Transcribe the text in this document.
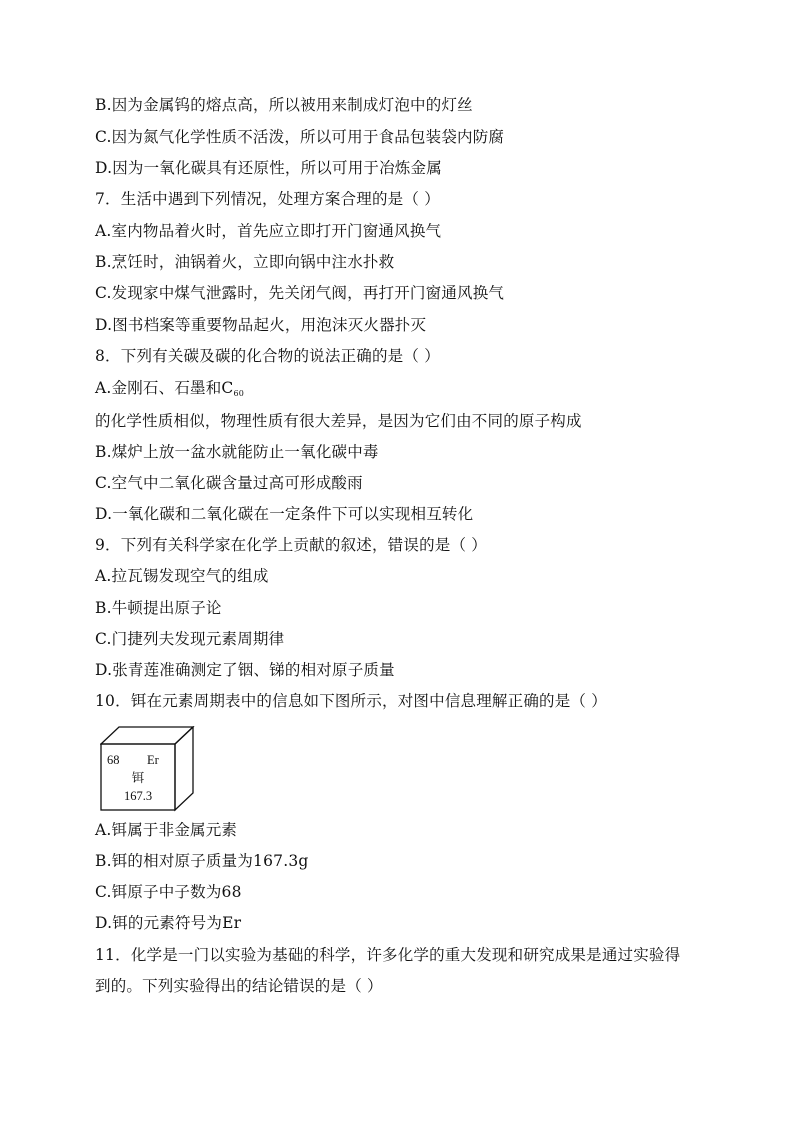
B.因为金属钨的熔点高，所以被用来制成灯泡中的灯丝
C.因为氮气化学性质不活泼，所以可用于食品包装袋内防腐
D.因为一氧化碳具有还原性，所以可用于冶炼金属
7．生活中遇到下列情况，处理方案合理的是（ ）
A.室内物品着火时，首先应立即打开门窗通风换气
B.烹饪时，油锅着火，立即向锅中注水扑救
C.发现家中煤气泄露时，先关闭气阀，再打开门窗通风换气
D.图书档案等重要物品起火，用泡沫灭火器扑灭
8．下列有关碳及碳的化合物的说法正确的是（ ）
A.金刚石、石墨和$C_{60}$
的化学性质相似，物理性质有很大差异，是因为它们由不同的原子构成
B.煤炉上放一盆水就能防止一氧化碳中毒
C.空气中二氧化碳含量过高可形成酸雨
D.一氧化碳和二氧化碳在一定条件下可以实现相互转化
9．下列有关科学家在化学上贡献的叙述，错误的是（ ）
A.拉瓦锡发现空气的组成
B.牛顿提出原子论
C.门捷列夫发现元素周期律
D.张青莲准确测定了铟、锑的相对原子质量
10．铒在元素周期表中的信息如下图所示，对图中信息理解正确的是（ ）
68 Er
铒
167.3
A.铒属于非金属元素
B.铒的相对原子质量为167.3g
C.铒原子中子数为68
D.铒的元素符号为Er
11．化学是一门以实验为基础的科学，许多化学的重大发现和研究成果是通过实验得
到的。下列实验得出的结论错误的是（ ）
